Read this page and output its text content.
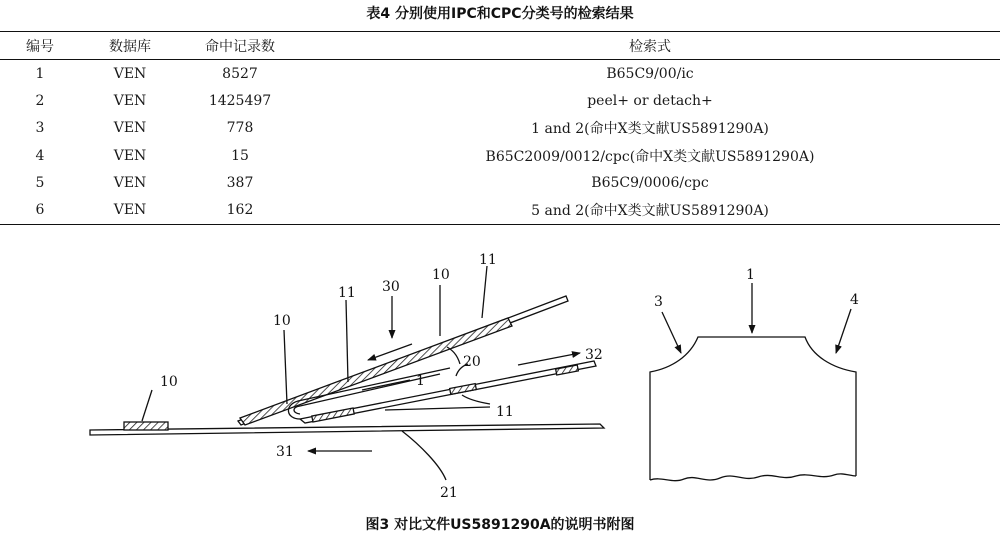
表4 分别使用IPC和CPC分类号的检索结果
编号	数据库	命中记录数	检索式
1	VEN	8527	B65C9/00/ic
2	VEN	1425497	peel+ or detach+
3	VEN	778	1 and 2(命中X类文献US5891290A)
4	VEN	15	B65C2009/0012/cpc(命中X类文献US5891290A)
5	VEN	387	B65C9/0006/cpc
6	VEN	162	5 and 2(命中X类文献US5891290A)
10
11 30
10
11
10
20
1
32
11
31
21
1
3	4
图3 对比文件US5891290A的说明书附图
